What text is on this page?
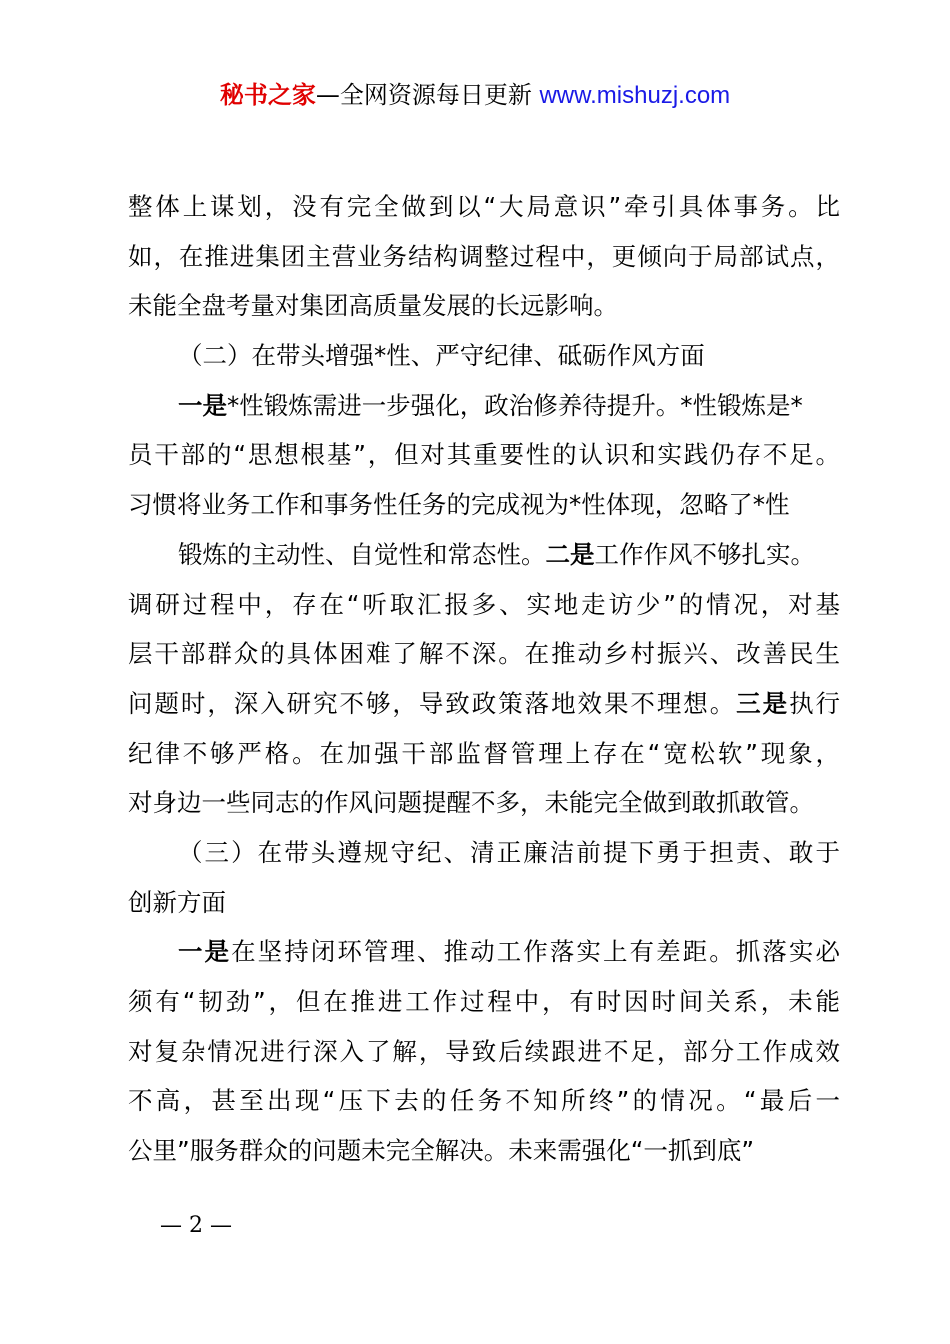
秘书之家—全网资源每日更新 www.mishuzj.com
整体上谋划，没有完全做到以“大局意识”牵引具体事务。比
如，在推进集团主营业务结构调整过程中，更倾向于局部试点，
未能全盘考量对集团高质量发展的长远影响。
（二）在带头增强*性、严守纪律、砥砺作风方面
一是*性锻炼需进一步强化，政治修养待提升。*性锻炼是*
员干部的“思想根基”，但对其重要性的认识和实践仍存不足。
习惯将业务工作和事务性任务的完成视为*性体现，忽略了*性
锻炼的主动性、自觉性和常态性。二是工作作风不够扎实。
调研过程中，存在“听取汇报多、实地走访少”的情况，对基
层干部群众的具体困难了解不深。在推动乡村振兴、改善民生
问题时，深入研究不够，导致政策落地效果不理想。三是执行
纪律不够严格。在加强干部监督管理上存在“宽松软”现象，
对身边一些同志的作风问题提醒不多，未能完全做到敢抓敢管。
（三）在带头遵规守纪、清正廉洁前提下勇于担责、敢于
创新方面
一是在坚持闭环管理、推动工作落实上有差距。抓落实必
须有“韧劲”，但在推进工作过程中，有时因时间关系，未能
对复杂情况进行深入了解，导致后续跟进不足，部分工作成效
不高，甚至出现“压下去的任务不知所终”的情况。“最后一
公里”服务群众的问题未完全解决。未来需强化“一抓到底”
— 2 —
